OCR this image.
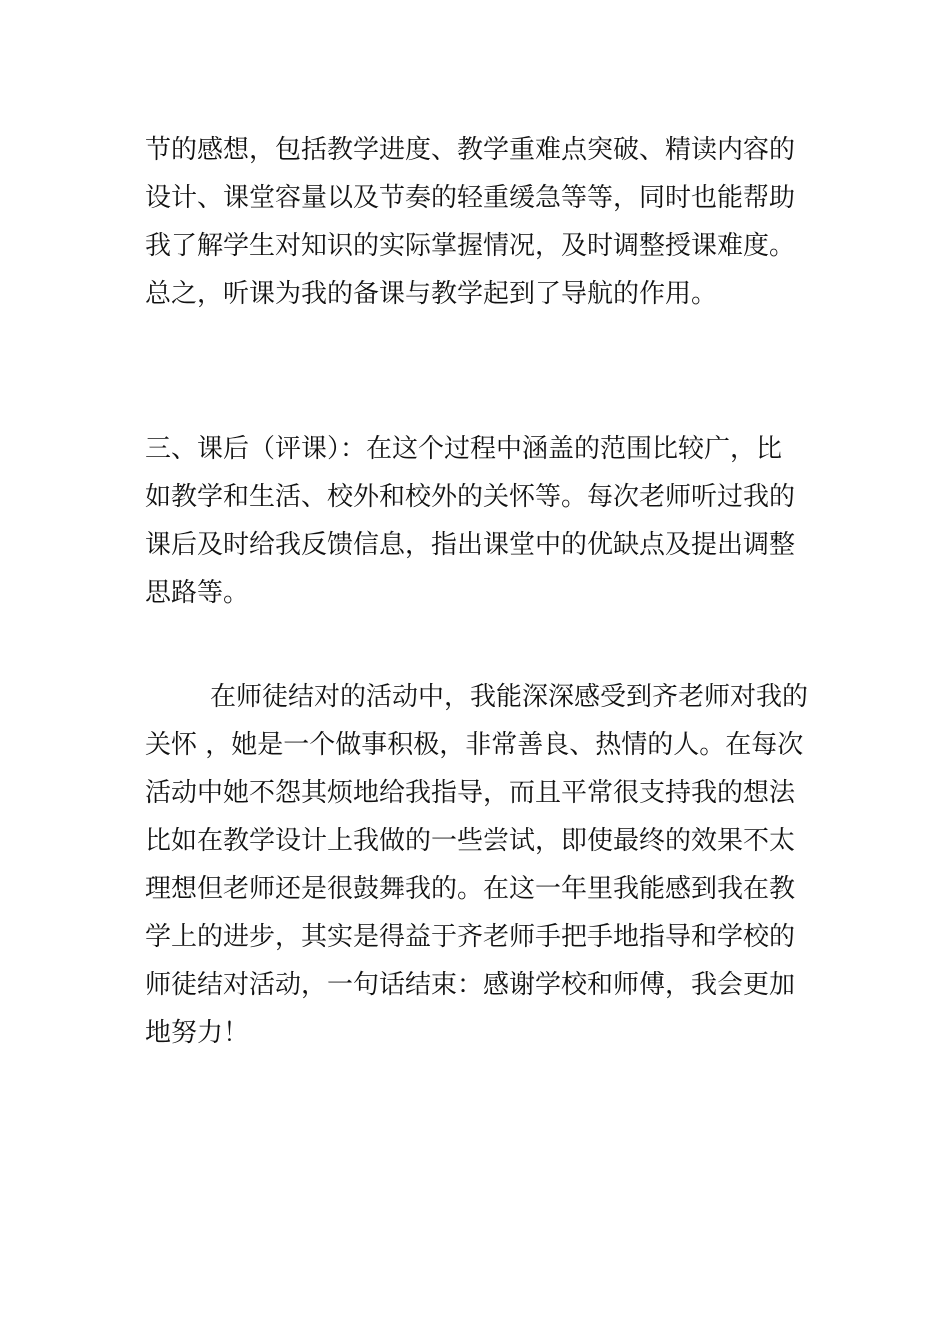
节的感想，包括教学进度、教学重难点突破、精读内容的
设计、课堂容量以及节奏的轻重缓急等等，同时也能帮助
我了解学生对知识的实际掌握情况，及时调整授课难度。
总之，听课为我的备课与教学起到了导航的作用。
三、课后（评课）：在这个过程中涵盖的范围比较广，比
如教学和生活、校外和校外的关怀等。每次老师听过我的
课后及时给我反馈信息，指出课堂中的优缺点及提出调整
思路等。
在师徒结对的活动中，我能深深感受到齐老师对我的
关怀 ，她是一个做事积极，非常善良、热情的人。在每次
活动中她不怨其烦地给我指导，而且平常很支持我的想法
比如在教学设计上我做的一些尝试，即使最终的效果不太
理想但老师还是很鼓舞我的。在这一年里我能感到我在教
学上的进步，其实是得益于齐老师手把手地指导和学校的
师徒结对活动，一句话结束：感谢学校和师傅，我会更加
地努力！
